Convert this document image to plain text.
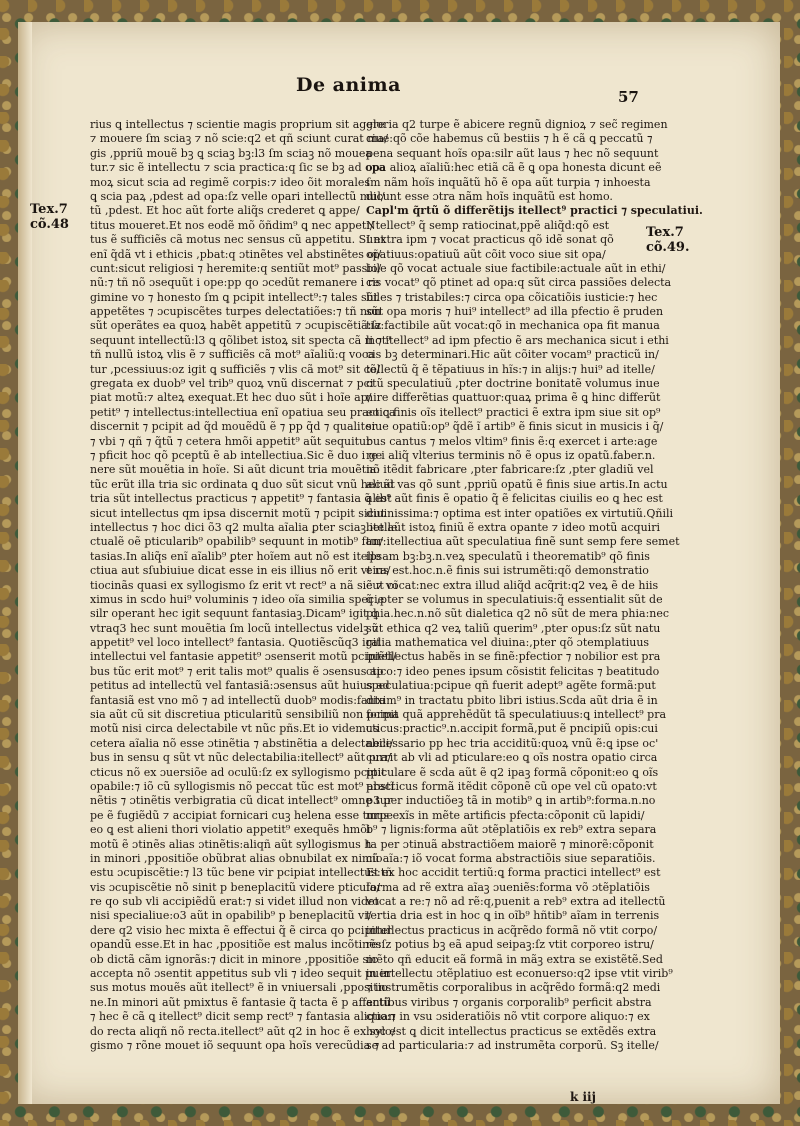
De anima
57
Tex.7
cõ.48
Tex.7
cõ.49.
rius ꝗ intellectus ⁊ scientie magis proprium sit agere
⁊ mouere ſm sciaꝫ ⁊ nõ scie:q2 et qñ sciunt curat ma/
gis ,ppriũ mouẽ bꝫ ꝗ sciaꝫ bꝫ:l3 ſm sciaꝫ nõ mouea
tur.⁊ sic ẽ intellectu ⁊ scia practica:q ſic se bꝫ ad opa
moꝝ sicut scia ad regimẽ corpis:⁊ ideo õit morales
ꝗ scia paꝝ ,pdest ad opa:ſz velle opari intellectũ mul/
tũ ,pdest. Et hoc aũt forte aliq̃s crederet ꝗ appe/
titus moueret.Et nos eodẽ mõ õñdim⁹ ꝗ nec appeti/
tus ẽ sufficiẽs cã motus nec sensus cũ appetitu. Sunt
enĩ q̃dã vt i ethicis ,pbat:q ɔtinẽtes vel abstinẽtes oĩ/
cunt:sicut religiosi ⁊ heremite:q sentiũt mot⁹ passio/
nũ:⁊ tñ nõ ɔsequũt i ope:pp qo ɔcedũt remanere i re
gimine vo ⁊ honesto ſm ꝗ pcipit intellect⁹:⁊ tales sũt
appetẽtes ⁊ ɔcupiscẽtes turpes delectatiões:⁊ tñ non
sũt operãtes ea quoꝝ habẽt appetitũ ⁊ ɔcupiscẽtiã:ſz
sequunt intellectũ:l3 ꝗ qõlibet istoꝝ sit specta cã mot⁹
tñ nullũ istoꝝ vlis ẽ ⁊ sufficiẽs cã mot⁹ aĩaliũ:q voca
tur ,pcessiuus:oz igit ꝗ sufficiẽs ⁊ vlis cã mot⁹ sit cõ/
gregata ex duob⁹ vel trib⁹ quoꝝ vnũ discernat ⁊ pci
piat motũ:⁊ alteꝝ exequat.Et hec duo sũt i hoĩe ap/
petit⁹ ⁊ intellectus:intellectiua enĩ opatiua seu practica
discernit ⁊ pcipit ad q̃d mouẽdũ ẽ ⁊ pp q̃d ⁊ qualiter
⁊ vbi ⁊ qñ ⁊ q̃tũ ⁊ cetera hmõi appetit⁹ aũt sequitur
⁊ pficit hoc qõ pceptũ ẽ ab intellectiua.Sic ẽ duo i ge
nere sũt mouẽtia in hoĩe. Si aũt dicunt tria mouẽtia:
tũc erũt illa tria sic ordinata ꝗ duo sũt sicut vnũ hec ãt
tria sũt intellectus practicus ⁊ appetit⁹ ⁊ fantasia q̃ est
sicut intellectus qm ipsa discernit motũ ⁊ pcipit sicut
intellectus ⁊ hoc dici õ3 q2 multa aĩalia ꝑter sciaꝫ itelle
ctualẽ oẽ pticularib⁹ opabilib⁹ sequunt in motib⁹ fan/
tasias.In aliq̃s enĩ aĩalib⁹ ꝑter hoĩem aut nõ est itelle
ctiua aut sſubiuiue dicat esse in eis illius nõ erit vt ra/
tiocinãs quasi ex syllogismo ſz erit vt rect⁹ a nã sicut oĩ
ximus in scdo hui⁹ voluminis ⁊ ideo oĩa similia specie
silr operant hec igit sequunt fantasiaꝫ.Dicam⁹ igit ꝗ
vtraq3 hec sunt mouẽtia ſm locũ intellectus videlꝫ ⁊
appetit⁹ vel loco intellect⁹ fantasia. Quotiẽscũq3 igit
intellectui vel fantasie appetit⁹ ɔsenserit motũ pcipiẽti/
bus tũc erit mot⁹ ⁊ erit talis mot⁹ qualis ẽ ɔsensus ap
petitus ad intellectũ vel fantasiã:ɔsensus aũt huius ad
fantasiã est vno mõ ⁊ ad intellectũ duob⁹ modis:fanta
sia aũt cũ sit discretiua pticularitũ sensibiliũ non pcipit
motũ nisi circa delectabile vt nũc pñs.Et io videmus
cetera aĩalia nõ esse ɔtinẽtia ⁊ abstinẽtia a delectabili/
bus in sensu q sũt vt nũc delectabilia:itellect⁹ aũt pra/
cticus nõ ex ɔuersiõe ad oculũ:ſz ex syllogismo pcipit
opabile:⁊ iõ cũ syllogismis nõ peccat tũc est mot⁹ abstĩ
nẽtis ⁊ ɔtinẽtis verbigratia cũ dicat intellect⁹ omne tur
pe ẽ fugiẽdũ ⁊ accipiat fornicari cuꝫ helena esse turpe
eo ꝗ est alieni thori violatio appetit⁹ exequẽs hmõi
motũ ẽ ɔtinẽs alias ɔtinẽtis:aliqñ aũt syllogismus h
in minori ,ppositiõe obũbrat alias obnubilat ex nimio
estu ɔcupiscẽtie:⁊ l3 tũc bene vir pcipiat intellectus:tñ
vis ɔcupiscẽtie nõ sinit p beneplacitũ videre pticula/
re qo sub vli accipiẽdũ erat:⁊ si videt illud non videt
nisi specialiue:o3 aũt in opabilib⁹ p beneplacitũ vi/
dere q2 visio hec mixta ẽ effectui q̃ ẽ circa qo pcipitur
opandũ esse.Et in hac ,ppositiõe est malus incõtinẽs
ob dictã cãm ignorãs:⁊ dicit in minore ,ppositiõe sic
accepta nõ ɔsentit appetitus sub vli ⁊ ideo sequit puer
sus motus mouẽs aũt itellect⁹ ẽ in vniuersali ,ppositio
ne.In minori aũt pmixtus ẽ fantasie q̃ tacta ẽ p affectũ
⁊ hec ẽ cã ꝗ itellect⁹ dicit semp rect⁹ ⁊ fantasia aliquan
do recta aliqñ nõ recta.itellect⁹ aũt q2 in hoc ẽ ex sylo/
gismo ⁊ rõne mouet iõ sequunt opa hoĩs verecũdia ⁊
gloria q2 turpe ẽ abicere regnũ dignioꝝ ⁊ sec̃ regimen
ciue:qõ cõe habemus cũ bestiis ⁊ h ẽ cã ꝗ peccatũ ⁊
pena sequant hoĩs opa:silr aũt laus ⁊ hec nõ sequunt
opa alioꝝ aĩaliũ:hec etiã cã ẽ ꝗ opa honesta dicunt eẽ
ſm nãm hoĩs inquãtũ hõ ẽ opa aũt turpia ⁊ inhoesta
dicunt esse ɔtra nãm hoĩs inquãtũ est homo.
Capl'm q̃rtũ õ differẽtijs itellect⁹ practici ⁊ speculatiui.
Ntellect⁹ q̃ semp ratiocinat,ppẽ aliq̃d:qõ est
I extra ipm ⁊ vocat practicus qõ idẽ sonat qõ
opatiuus:opatiuũ aũt cõit voco siue sit opa/
bile qõ vocat actuale siue factibile:actuale aũt in ethi/
cis vocat⁹ qõ ptinet ad opa:q sũt circa passiões delecta
biles ⁊ tristabiles:⁊ circa opa cõicatiõis iusticie:⁊ hec
sũt opa moris ⁊ hui⁹ intellect⁹ ad illa pfectio ẽ pruden
tia:factibile aũt vocat:qõ in mechanica opa fit manua
li ⁊ itellect⁹ ad ipm pfectio ẽ ars mechanica sicut i ethi
cis bꝫ determinari.Hic aũt cõiter vocam⁹ practicũ in/
tellectũ q̃ ẽ tẽpatiuus in hĩs:⁊ in alijs:⁊ hui⁹ ad itelle/
ctũ speculatiuũ ,pter doctrine bonitatẽ volumus inue
nire differẽtias quattuor:quaꝝ prima ẽ ꝗ hinc differũt
eo ꝗ finis oĩs itellect⁹ practici ẽ extra ipm siue sit op⁹
siue opatiũ:op⁹ q̃dẽ ĩ artib⁹ ẽ finis sicut in musicis i q̃/
bus cantus ⁊ melos vltim⁹ finis ẽ:q exercet i arte:age
re i aliq̃ vlterius terminis nõ ẽ opus iz opatũ.faber.n.
nõ itẽdit fabricare ,pter fabricare:ſz ,pter gladiũ vel
aliud vas qõ sunt ,ppriũ opatũ ẽ finis siue artis.In actu
alib⁹ aũt finis ẽ opatio q̃ ẽ felicitas ciuilis eo ꝗ hec est
diuinissima:⁊ optima est inter opatiões ex virtutiũ.Qñili
bet aũt istoꝝ finiũ ẽ extra opante ⁊ ideo motũ acquiri
tur:itellectiua aũt speculatiua finẽ sunt semp fere semet
ipsam bꝫ:bꝫ.n.veꝝ speculatũ i theorematib⁹ qõ finis
eius est.hoc.n.ẽ finis sui istrumẽti:qõ demonstratio
ẽ ⁊ vocat:nec extra illud aliq̃d acq̃rit:q2 veꝝ ẽ de hiis
q̃ ,pter se volumus in speculatiuis:q̃ essentialit sũt de
phia.hec.n.nõ sũt dialetica q2 nõ sũt de mera phia:nec
sũt ethica q2 veꝝ taliũ querim⁹ ,pter opus:ſz sũt natu
ralia mathematica vel diuina:,pter qõ ɔtemplatiuus
intellectus habẽs in se finẽ:pfectior ⁊ nobilior est pra
ctico:⁊ ideo penes ipsum cõsistit felicitas ⁊ beatitudo
speculatiua:pcipue qñ fuerit adept⁹ agẽte formã:put
dixim⁹ in tractatu pbito libri istius.Scda aũt dria ẽ in
forma quã apprehẽdũt tã speculatiuus:ꝗ intellect⁹ pra
cticus:practic⁹.n.accipit formã,put ẽ pncipiũ opis:cui
necessario pp hec tria acciditũ:quoꝝ vnũ ẽ:ꝗ ipse oc'
currit ab vli ad pticulare:eo ꝗ oĩs nostra opatio circa
pticulare ẽ scda aũt ẽ q2 ipaꝫ formã cõponit:eo ꝗ oĩs
practicus formã itẽdit cõponẽ cũ ope vel cũ opato:vt
p3 per inductiõeꝫ tã in motib⁹ ꝗ in artib⁹:forma.n.no
mus exĩs in mẽte artificis pfecta:cõponit cũ lapidi/
b⁹ ⁊ lignis:forma aũt ɔtẽplatiõis ex reb⁹ extra separa
ta per ɔtinuã abstractiõem maiorẽ ⁊ minorẽ:cõponit
cũ aĩa:⁊ iõ vocat forma abstractiõis siue separatiõis.
Et ex hoc accidit tertiũ:ꝗ forma practici intellect⁹ est
forma ad rẽ extra aĩaꝫ ɔueniẽs:forma võ ɔtẽplatiõis
vocat a re:⁊ nõ ad rẽ:q,puenit a reb⁹ extra ad itellectũ
tertia dria est in hoc ꝗ in oĩb⁹ hñtib⁹ aĩam in terrenis
intellectus practicus in acq̃rẽdo formã nõ vtit corpo/
re:ſz potius bꝫ eã apud seipaꝫ:ſz vtit corporeo istru/
mẽto qñ educit eã formã in mãꝫ extra se existẽtẽ.Sed
in intellectu ɔtẽplatiuo est econuerso:q2 ipse vtit virib⁹
⁊ instrumẽtis corporalibus in acq̃rẽdo formã:q2 medi
antibus viribus ⁊ organis corporalib⁹ perficit abstra
ctio:⁊ in vsu ɔsideratiõis nõ vtit corpore aliquo:⁊ ex
hoc est ꝗ dicit intellectus practicus se extẽdẽs extra
se ad particularia:⁊ ad instrumẽta corporũ. Sꝫ itelle/
k iij
